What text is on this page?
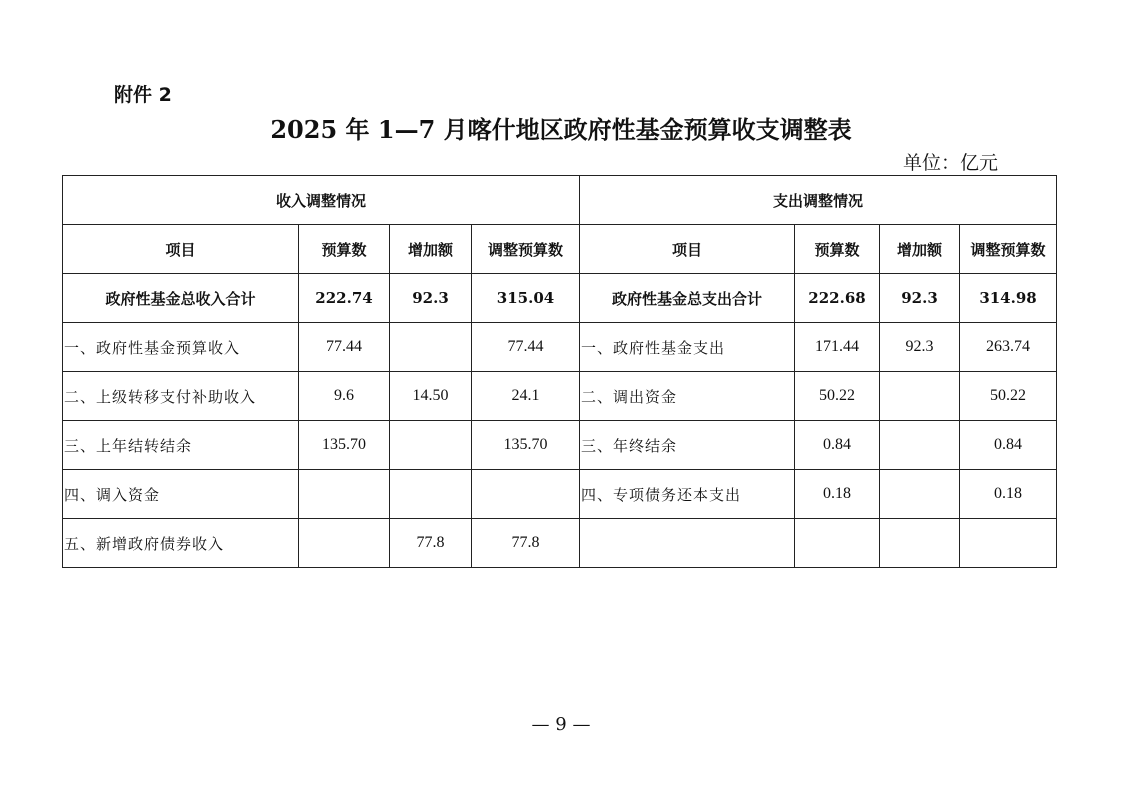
附件 2
2025 年 1—7 月喀什地区政府性基金预算收支调整表
单位：亿元
收入调整情况				支出调整情况			
项目	预算数	增加额	调整预算数	项目	预算数	增加额	调整预算数
政府性基金总收入合计	222.74	92.3	315.04	政府性基金总支出合计	222.68	92.3	314.98
一、政府性基金预算收入	77.44		77.44	一、政府性基金支出	171.44	92.3	263.74
二、上级转移支付补助收入	9.6	14.50	24.1	二、调出资金	50.22		50.22
三、上年结转结余	135.70		135.70	三、年终结余	0.84		0.84
四、调入资金				四、专项债务还本支出	0.18		0.18
五、新增政府债券收入		77.8	77.8				
— 9 —
